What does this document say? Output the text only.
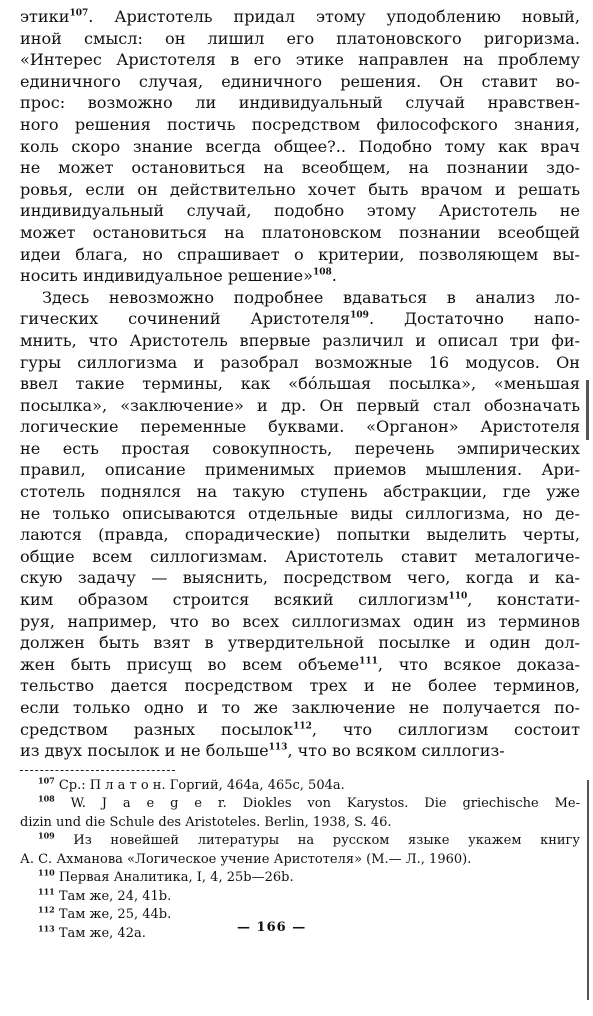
этики$^{107}$. Аристотель придал этому уподоблению новый,
иной смысл: он лишил его платоновского ригоризма.
«Интерес Аристотеля в его этике направлен на проблему
единичного случая, единичного решения. Он ставит во-
прос: возможно ли индивидуальный случай нравствен-
ного решения постичь посредством философского знания,
коль скоро знание всегда общее?.. Подобно тому как врач
не может остановиться на всеобщем, на познании здо-
ровья, если он действительно хочет быть врачом и решать
индивидуальный случай, подобно этому Аристотель не
может остановиться на платоновском познании всеобщей
идеи блага, но спрашивает о критерии, позволяющем вы-
носить индивидуальное решение»$^{108}$.
Здесь невозможно подробнее вдаваться в анализ ло-
гических сочинений Аристотеля$^{109}$. Достаточно напо-
мнить, что Аристотель впервые различил и описал три фи-
гуры силлогизма и разобрал возможные 16 модусов. Он
ввел такие термины, как «бо́льшая посылка», «меньшая
посылка», «заключение» и др. Он первый стал обозначать
логические переменные буквами. «Органон» Аристотеля
не есть простая совокупность, перечень эмпирических
правил, описание применимых приемов мышления. Ари-
стотель поднялся на такую ступень абстракции, где уже
не только описываются отдельные виды силлогизма, но де-
лаются (правда, спорадические) попытки выделить черты,
общие всем силлогизмам. Аристотель ставит металогиче-
скую задачу — выяснить, посредством чего, когда и ка-
ким образом строится всякий силлогизм$^{110}$, констати-
руя, например, что во всех силлогизмах один из терминов
должен быть взят в утвердительной посылке и один дол-
жен быть присущ во всем объеме$^{111}$, что всякое доказа-
тельство дается посредством трех и не более терминов,
если только одно и то же заключение не получается по-
средством разных посылок$^{112}$, что силлогизм состоит
из двух посылок и не больше$^{113}$, что во всяком силлогиз-
$^{107}$ Ср.: П л а т о н. Горгий, 464a, 465c, 504a.
$^{108}$ W. J a e g e r. Diokles von Karystos. Die griechische Me-
dizin und die Schule des Aristoteles. Berlin, 1938, S. 46.
$^{109}$ Из новейшей литературы на русском языке укажем книгу
А. С. Ахманова «Логическое учение Аристотеля» (М.— Л., 1960).
$^{110}$ Первая Аналитика, I, 4, 25b—26b.
$^{111}$ Там же, 24, 41b.
$^{112}$ Там же, 25, 44b.
$^{113}$ Там же, 42a.	— 166 —
